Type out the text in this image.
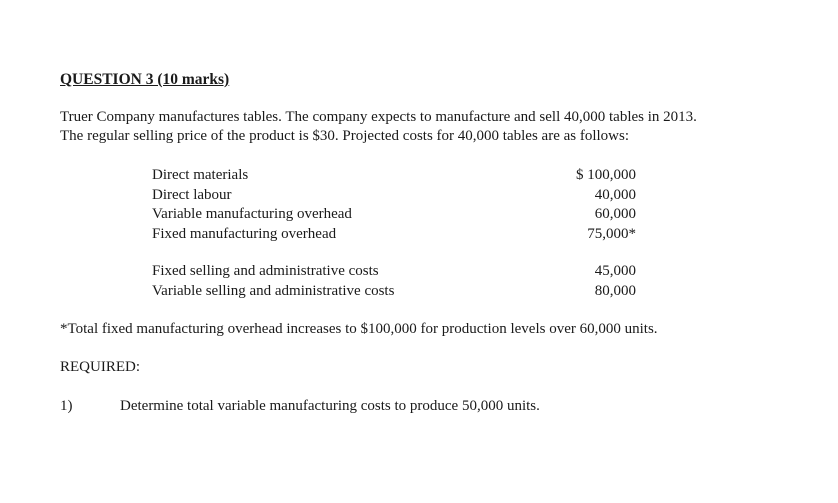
QUESTION 3 (10 marks)
Truer Company manufactures tables. The company expects to manufacture and sell 40,000 tables in 2013.
The regular selling price of the product is $30. Projected costs for 40,000 tables are as follows:
Direct materials	$ 100,000
Direct labour	40,000
Variable manufacturing overhead	60,000
Fixed manufacturing overhead	75,000*
Fixed selling and administrative costs	45,000
Variable selling and administrative costs	80,000
*Total fixed manufacturing overhead increases to $100,000 for production levels over 60,000 units.
REQUIRED:
1)	Determine total variable manufacturing costs to produce 50,000 units.
